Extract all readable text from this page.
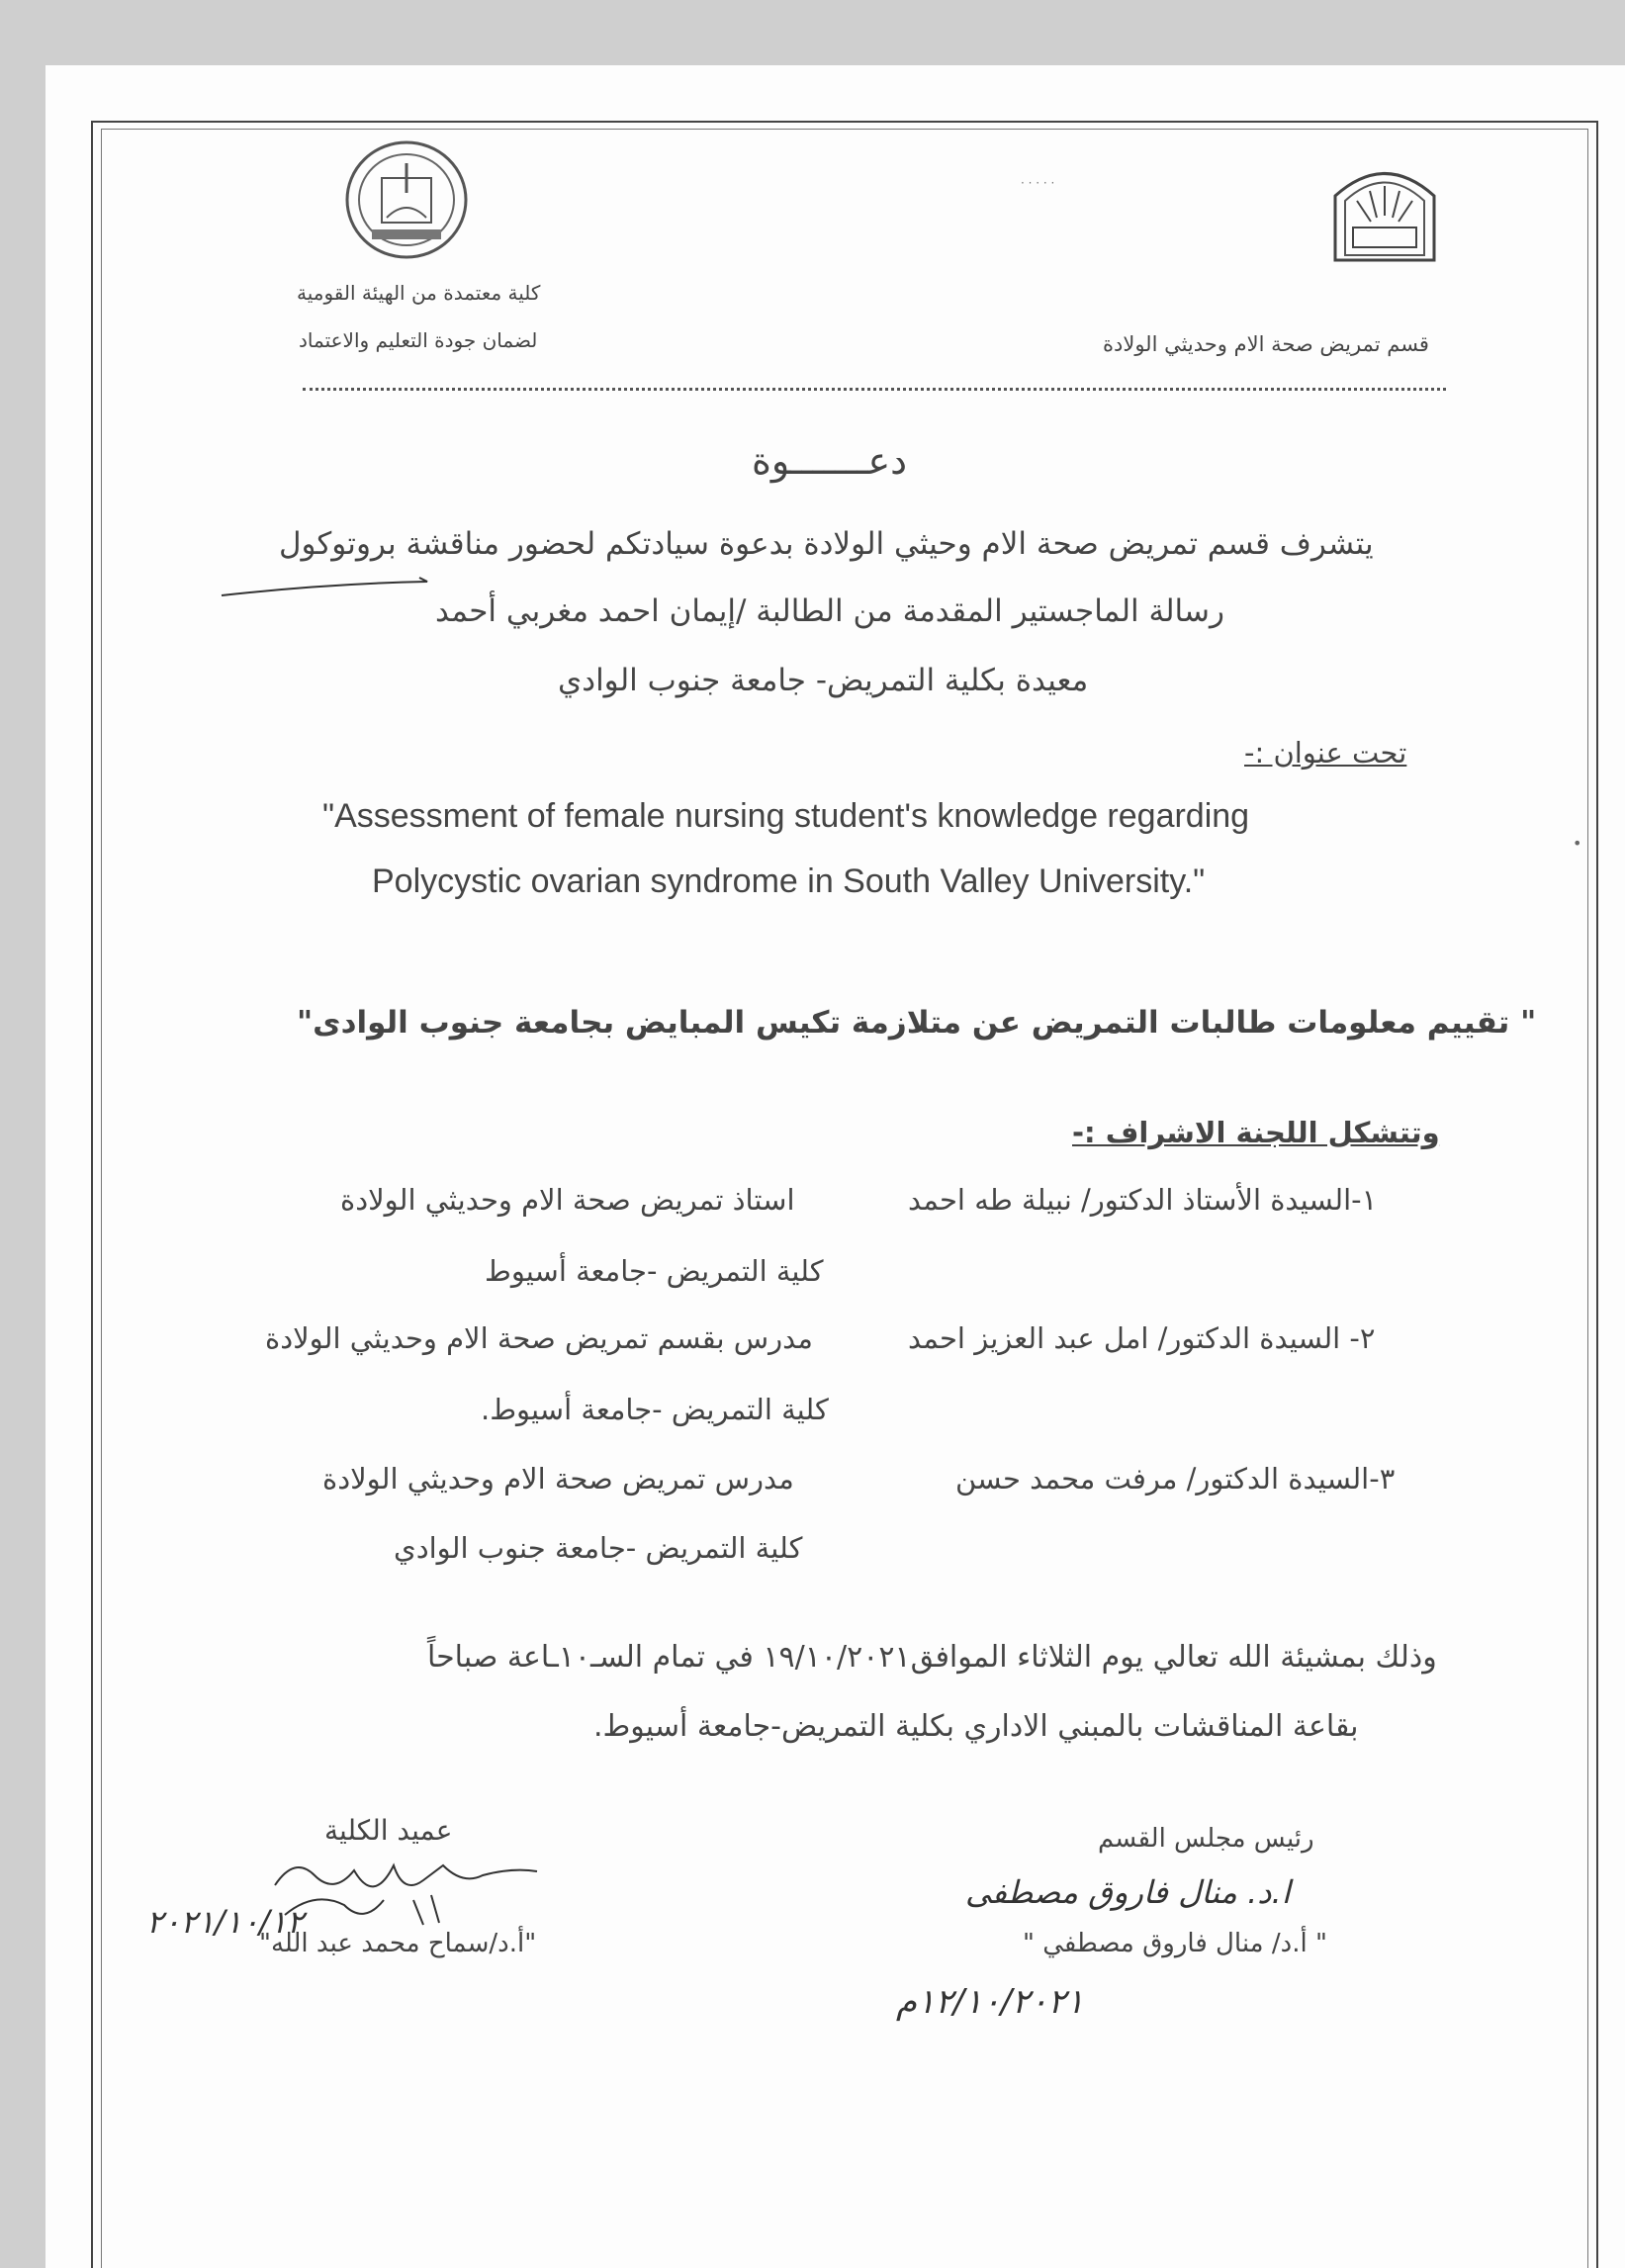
· · · · ·
كلية معتمدة من الهيئة القومية
لضمان جودة التعليم والاعتماد	قسم تمريض صحة الام وحديثي الولادة
دعـــــــوة
يتشرف قسم تمريض صحة الام وحيثي الولادة بدعوة سيادتكم لحضور مناقشة بروتوكول
رسالة الماجستير المقدمة من الطالبة /إيمان احمد مغربي أحمد
معيدة بكلية التمريض- جامعة جنوب الوادي
تحت عنوان :-
"Assessment of female nursing student's knowledge regarding
Polycystic ovarian syndrome in South Valley University."
•
" تقييم معلومات طالبات التمريض عن متلازمة تكيس المبايض بجامعة جنوب الوادى"
وتتشكل اللجنة الاشراف :-
١-السيدة الأستاذ الدكتور/ نبيلة طه احمد
استاذ تمريض صحة الام وحديثي الولادة
كلية التمريض -جامعة أسيوط
٢- السيدة الدكتور/ امل عبد العزيز احمد
مدرس بقسم تمريض صحة الام وحديثي الولادة
كلية التمريض -جامعة أسيوط.
٣-السيدة الدكتور/ مرفت محمد حسن
مدرس تمريض صحة الام وحديثي الولادة
كلية التمريض -جامعة جنوب الوادي
وذلك بمشيئة الله تعالي يوم الثلاثاء الموافق١٩/١٠/٢٠٢١ في تمام السـ١٠ـاعة صباحاً
بقاعة المناقشات بالمبني الاداري بكلية التمريض-جامعة أسيوط.
عميد الكلية
٢٠٢١/١٠/١٢
"أ.د/سماح محمد عبد الله"
رئيس مجلس القسم
ا.د. منال فاروق مصطفى
" أ.د/ منال فاروق مصطفي "
١٢/١٠/٢٠٢١م
